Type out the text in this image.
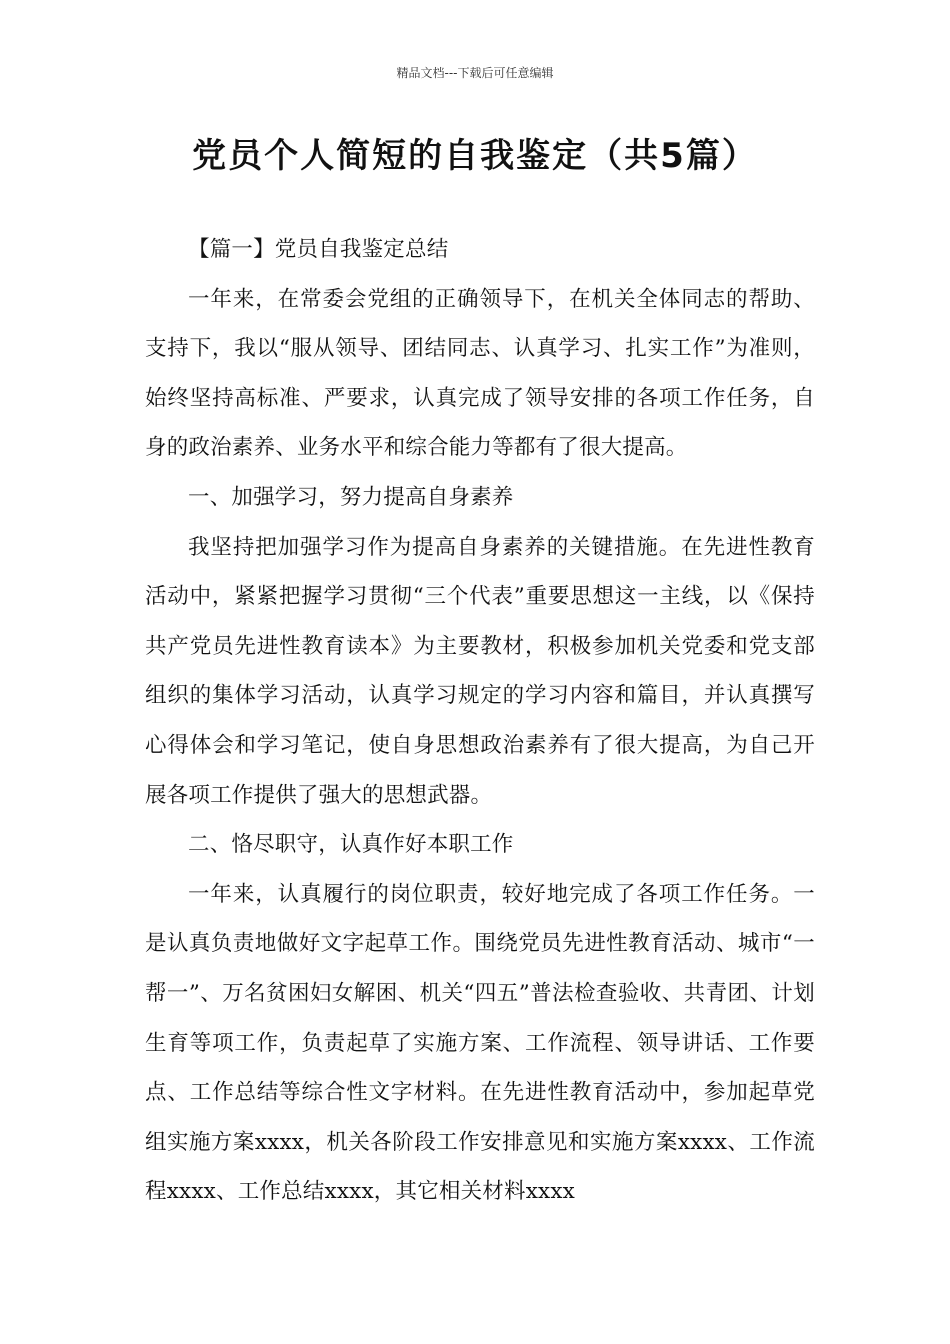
精品文档---下载后可任意编辑
党员个人简短的自我鉴定（共5篇）

【篇一】党员自我鉴定总结

一年来，在常委会党组的正确领导下，在机关全体同志的帮助、支持下，我以“服从领导、团结同志、认真学习、扎实工作”为准则，始终坚持高标准、严要求，认真完成了领导安排的各项工作任务，自身的政治素养、业务水平和综合能力等都有了很大提高。

一、加强学习，努力提高自身素养

我坚持把加强学习作为提高自身素养的关键措施。在先进性教育活动中，紧紧把握学习贯彻“三个代表”重要思想这一主线，以《保持共产党员先进性教育读本》为主要教材，积极参加机关党委和党支部组织的集体学习活动，认真学习规定的学习内容和篇目，并认真撰写心得体会和学习笔记，使自身思想政治素养有了很大提高，为自己开展各项工作提供了强大的思想武器。

二、恪尽职守，认真作好本职工作

一年来，认真履行的岗位职责，较好地完成了各项工作任务。一是认真负责地做好文字起草工作。围绕党员先进性教育活动、城市“一帮一”、万名贫困妇女解困、机关“四五”普法检查验收、共青团、计划生育等项工作，负责起草了实施方案、工作流程、领导讲话、工作要点、工作总结等综合性文字材料。在先进性教育活动中，参加起草党组实施方案xxxx，机关各阶段工作安排意见和实施方案xxxx、工作流程xxxx、工作总结xxxx，其它相关材料xxxx
